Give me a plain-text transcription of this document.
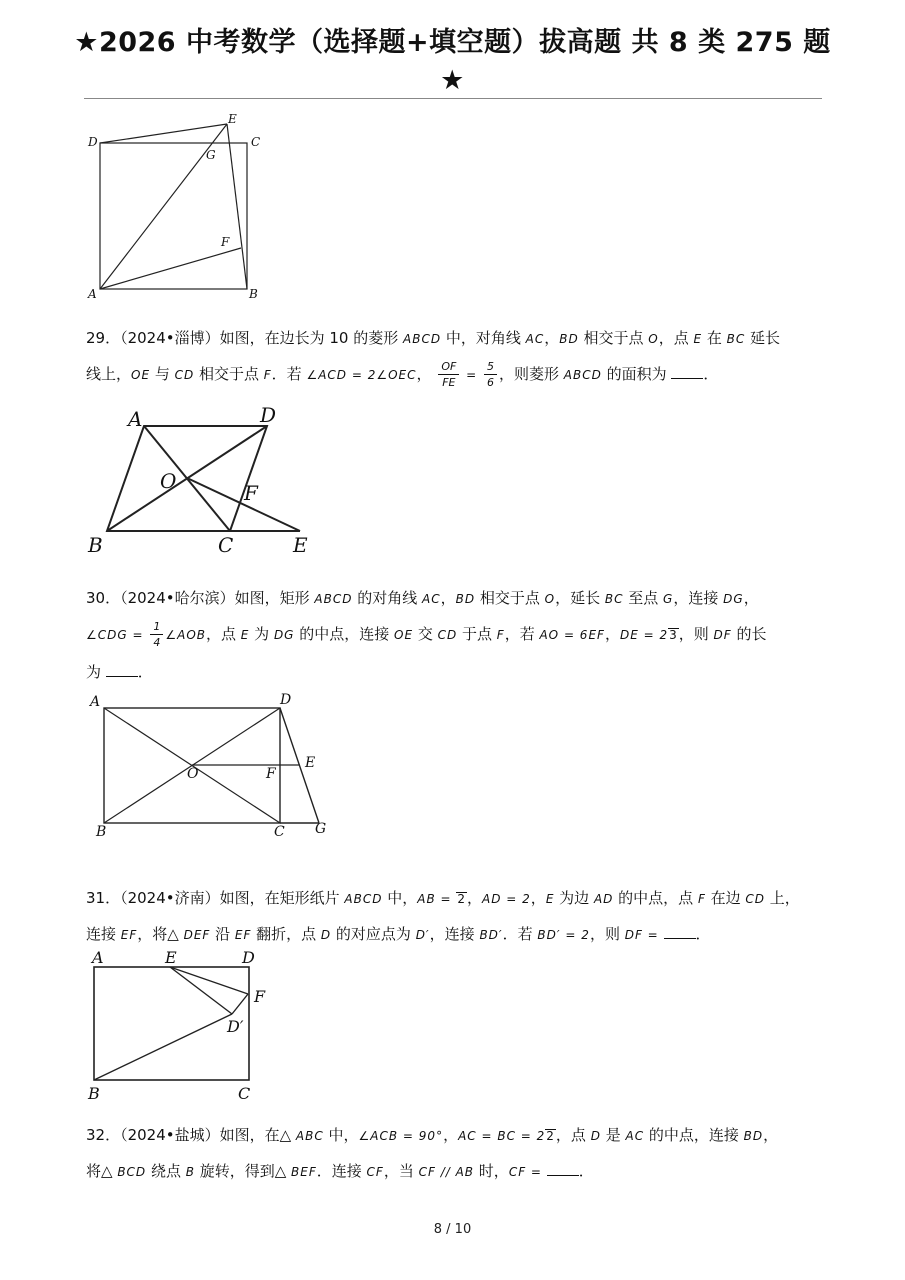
★2026 中考数学（选择题+填空题）拔高题 共 8 类 275 题
★
D
E
C
G
F
A	B
29．（2024•淄博）如图，在边长为 10 的菱形 ABCD 中，对角线 AC，BD 相交于点 O，点 E 在 BC 延长
线上，OE 与 CD 相交于点 F．若 ∠ACD = 2∠OEC， $\frac{OF}{FE} = \frac{5}{6}$ ，则菱形 ABCD 的面积为 ．
A	D
O	F
B	C	E
30．（2024•哈尔滨）如图，矩形 ABCD 的对角线 AC，BD 相交于点 O，延长 BC 至点 G，连接 DG，
∠CDG = $\frac{1}{4}$ ∠AOB，点 E 为 DG 的中点，连接 OE 交 CD 于点 F，若 AO = 6EF，DE = 23，则 DF 的长
为 ．
A	D
O	F
E
B	C G
31．（2024•济南）如图，在矩形纸片 ABCD 中，AB = 2，AD = 2，E 为边 AD 的中点，点 F 在边 CD 上，
连接 EF，将△ DEF 沿 EF 翻折，点 D 的对应点为 D′，连接 BD′．若 BD′ = 2，则 DF = ．
A	E	D
F
D′
B	C
32．（2024•盐城）如图，在△ ABC 中，∠ACB = 90°，AC = BC = 22，点 D 是 AC 的中点，连接 BD，
将△ BCD 绕点 B 旋转，得到△ BEF．连接 CF，当 CF // AB 时，CF = ．
8 / 10
